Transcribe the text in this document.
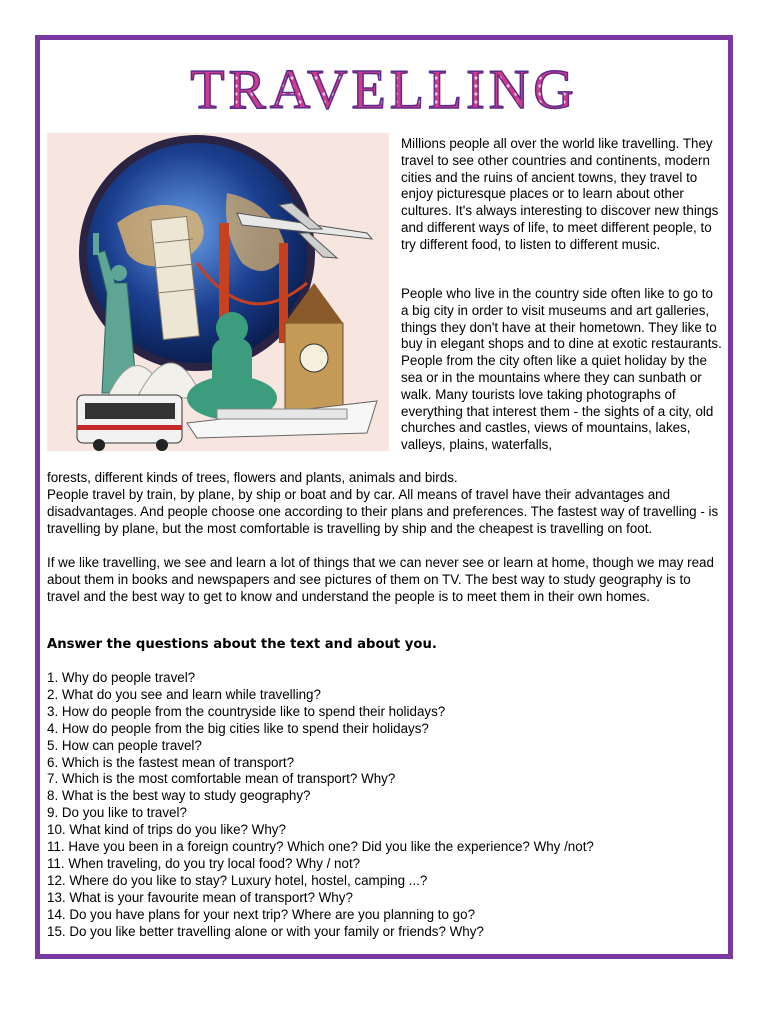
TRAVELLING

Millions people all over the world like travelling. They travel to see other countries and continents, modern cities and the ruins of ancient towns, they travel to enjoy picturesque places or to learn about other cultures. It's always interesting to discover new things and different ways of life, to meet different people, to try different food, to listen to different music.

People who live in the country side often like to go to a big city in order to visit museums and art galleries, things they don't have at their hometown. They like to buy in elegant shops and to dine at exotic restaurants. People from the city often like a quiet holiday by the sea or in the mountains where they can sunbath or walk. Many tourists love taking photographs of everything that interest them - the sights of a city, old churches and castles, views of mountains, lakes, valleys, plains, waterfalls,

forests, different kinds of trees, flowers and plants, animals and birds.

People travel by train, by plane, by ship or boat and by car. All means of travel have their advantages and disadvantages. And people choose one according to their plans and preferences. The fastest way of travelling - is travelling by plane, but the most comfortable is travelling by ship and the cheapest is travelling on foot.

If we like travelling, we see and learn a lot of things that we can never see or learn at home, though we may read about them in books and newspapers and see pictures of them on TV. The best way to study geography is to travel and the best way to get to know and understand the people is to meet them in their own homes.

Answer the questions about the text and about you.

1. Why do people travel?
2. What do you see and learn while travelling?
3. How do people from the countryside like to spend their holidays?
4. How do people from the big cities like to spend their holidays?
5. How can people travel?
6. Which is the fastest mean of transport?
7. Which is the most comfortable mean of transport? Why?
8. What is the best way to study geography?
9. Do you like to travel?
10. What kind of trips do you like? Why?
11. Have you been in a foreign country? Which one? Did you like the experience? Why /not?
11. When traveling, do you try local food? Why / not?
12. Where do you like to stay? Luxury hotel, hostel, camping ...?
13. What is your favourite mean of transport? Why?
14. Do you have plans for your next trip? Where are you planning to go?
15. Do you like better travelling alone or with your family or friends? Why?
